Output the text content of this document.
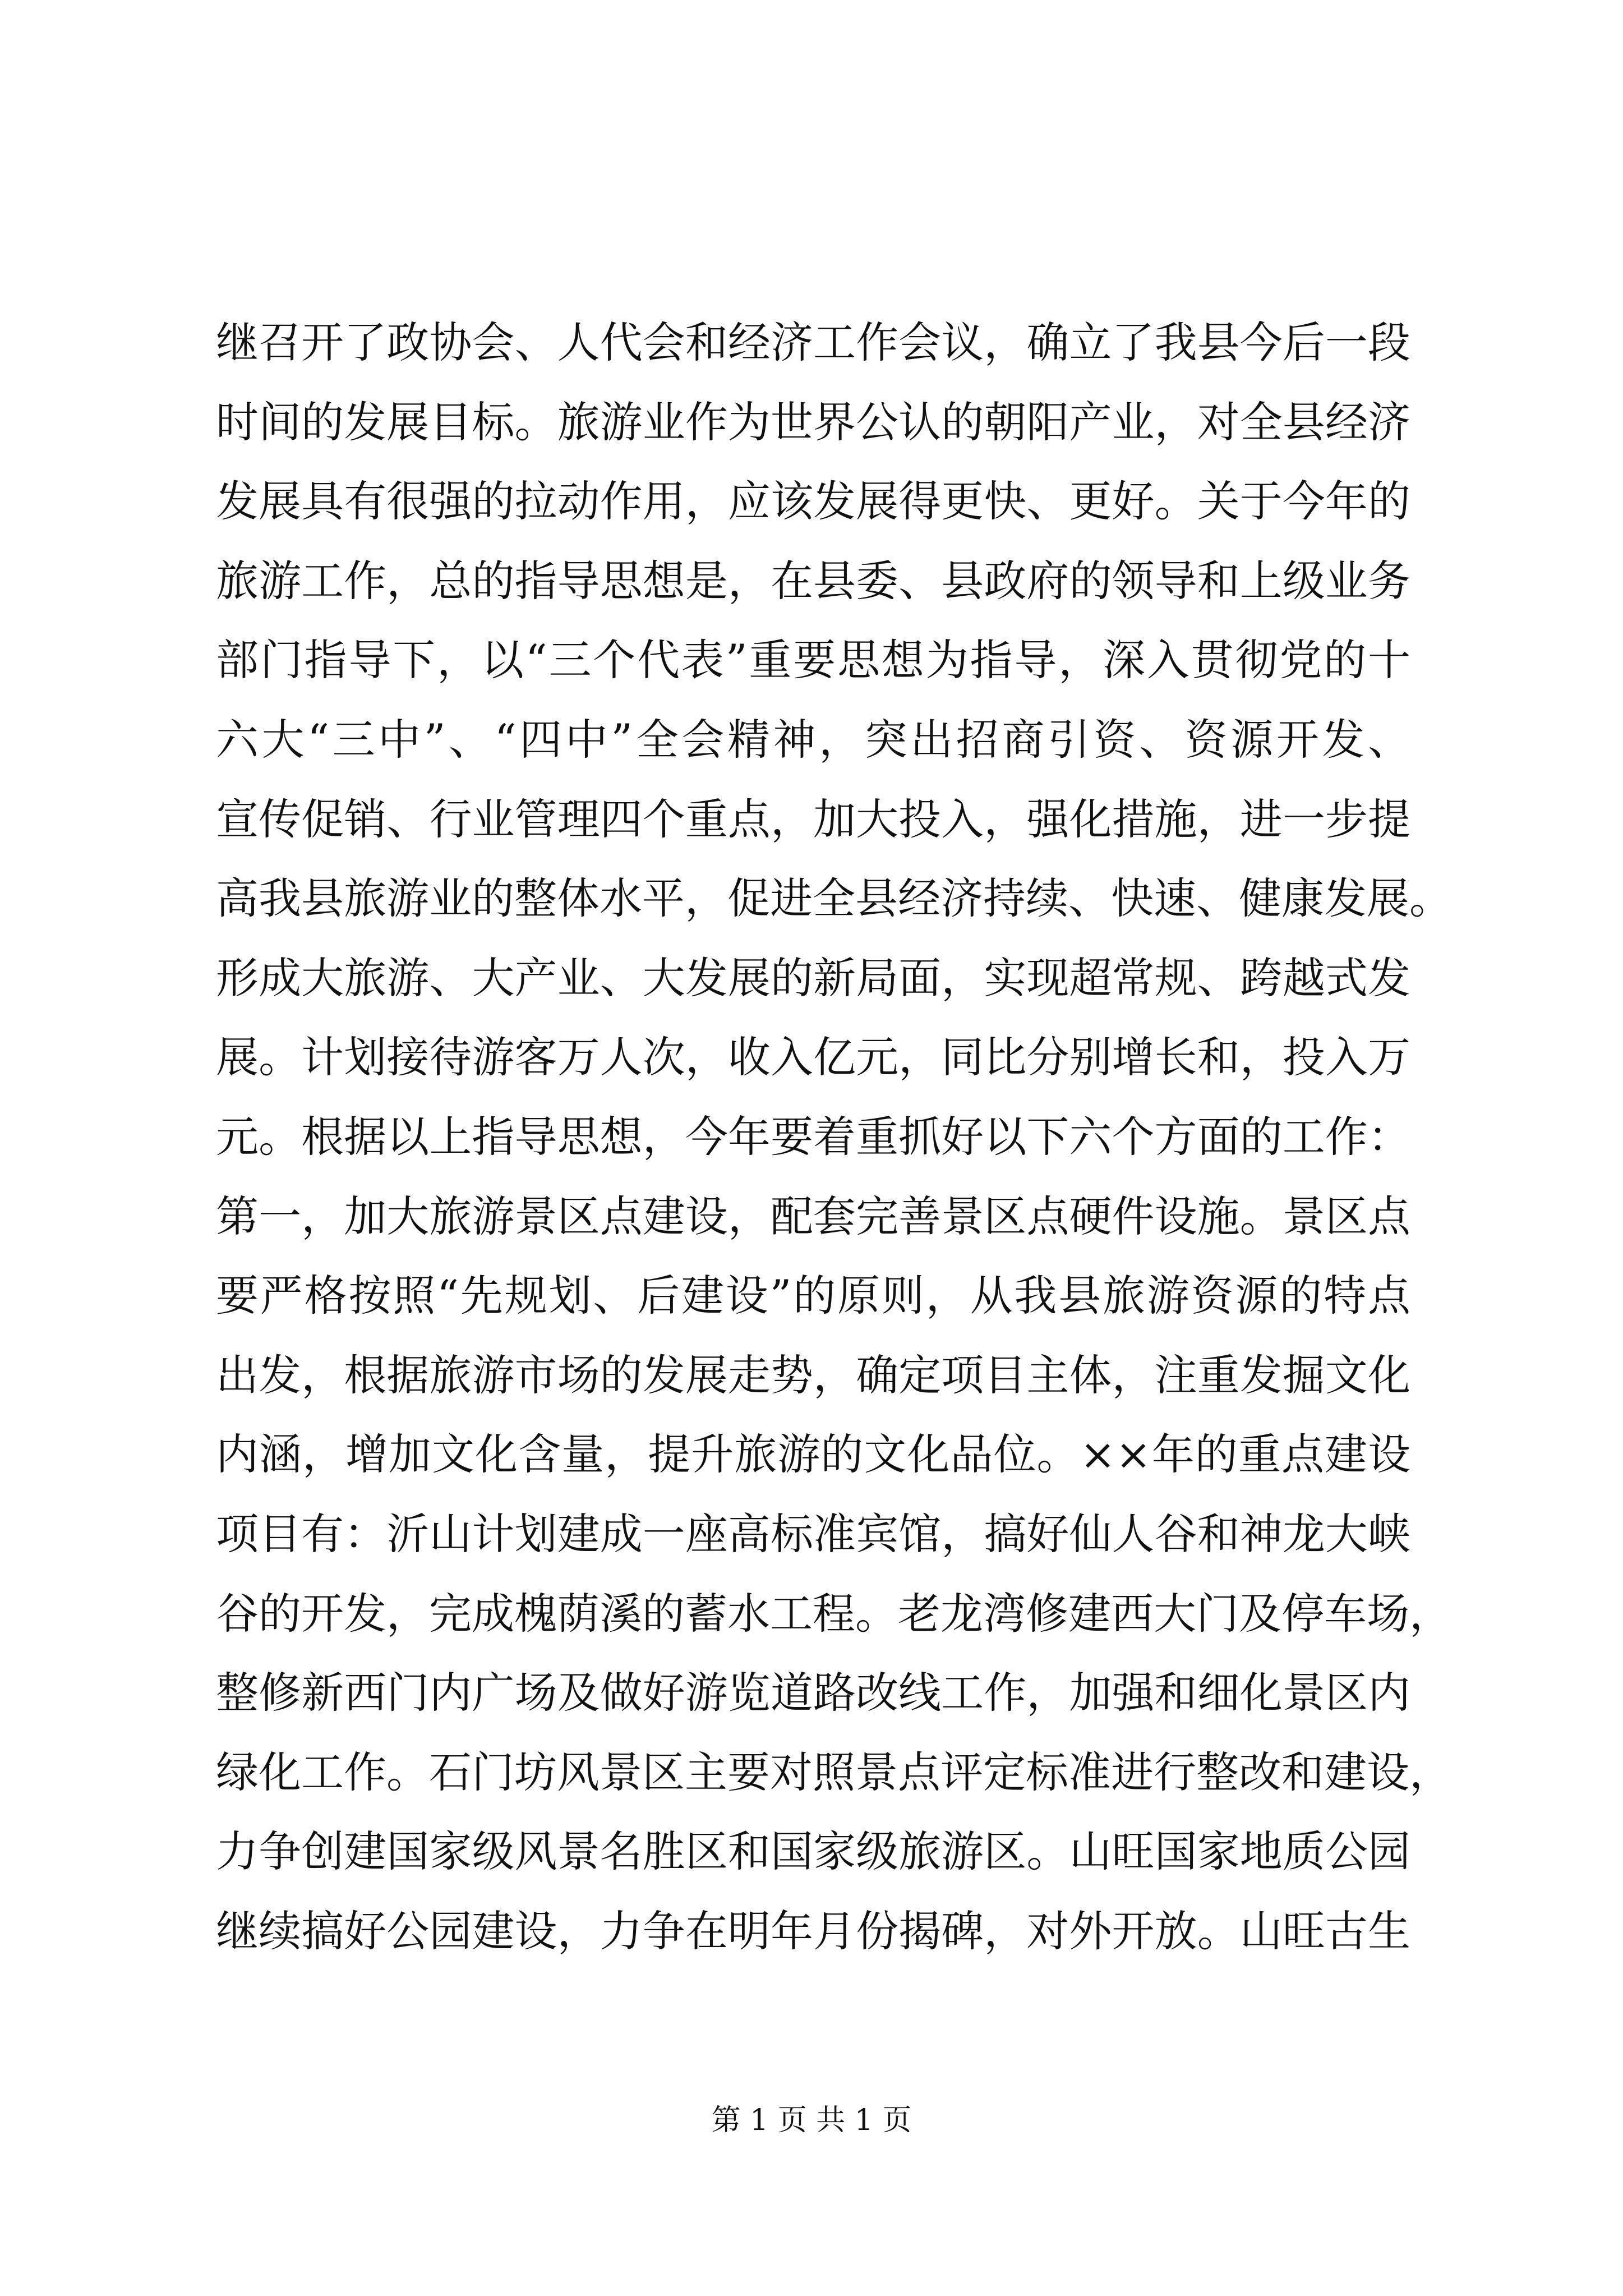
继召开了政协会、人代会和经济工作会议，确立了我县今后一段
时间的发展目标。旅游业作为世界公认的朝阳产业，对全县经济
发展具有很强的拉动作用，应该发展得更快、更好。关于今年的
旅游工作，总的指导思想是，在县委、县政府的领导和上级业务
部门指导下，以“三个代表”重要思想为指导，深入贯彻党的十
六大“三中”、“四中”全会精神，突出招商引资、资源开发、
宣传促销、行业管理四个重点，加大投入，强化措施，进一步提
高我县旅游业的整体水平，促进全县经济持续、快速、健康发展。
形成大旅游、大产业、大发展的新局面，实现超常规、跨越式发
展。计划接待游客万人次，收入亿元，同比分别增长和，投入万
元。根据以上指导思想，今年要着重抓好以下六个方面的工作：
第一，加大旅游景区点建设，配套完善景区点硬件设施。景区点
要严格按照“先规划、后建设”的原则，从我县旅游资源的特点
出发，根据旅游市场的发展走势，确定项目主体，注重发掘文化
内涵，增加文化含量，提升旅游的文化品位。××年的重点建设
项目有：沂山计划建成一座高标准宾馆，搞好仙人谷和神龙大峡
谷的开发，完成槐荫溪的蓄水工程。老龙湾修建西大门及停车场，
整修新西门内广场及做好游览道路改线工作，加强和细化景区内
绿化工作。石门坊风景区主要对照景点评定标准进行整改和建设，
力争创建国家级风景名胜区和国家级旅游区。山旺国家地质公园
继续搞好公园建设，力争在明年月份揭碑，对外开放。山旺古生
第 1 页 共 1 页
